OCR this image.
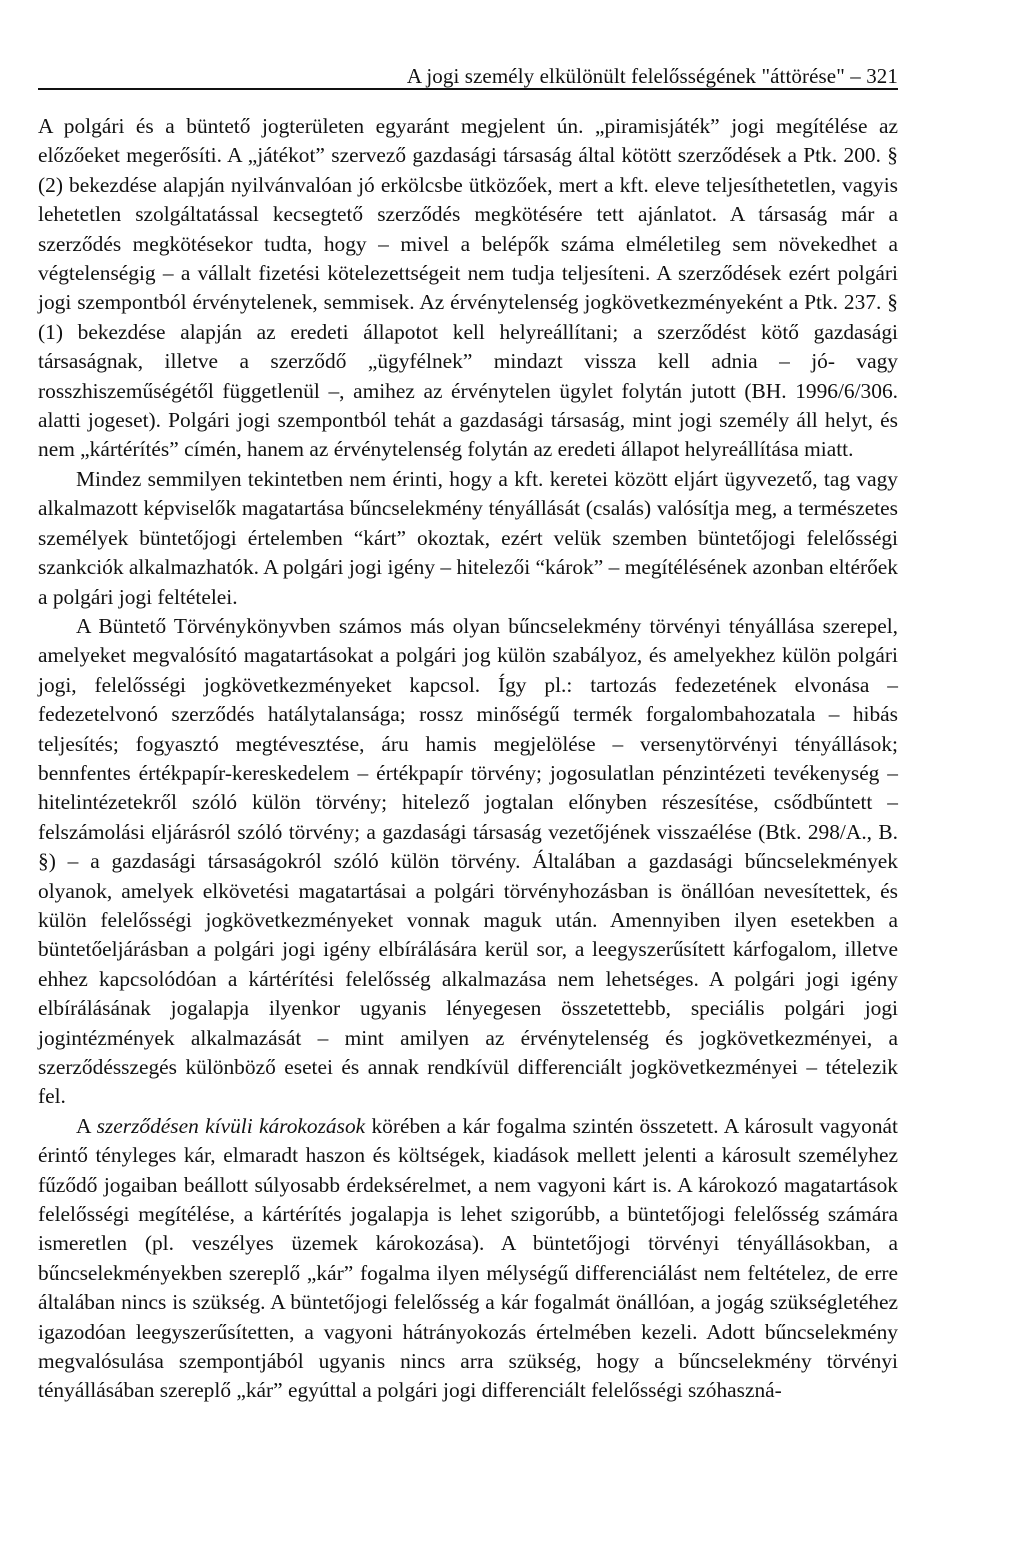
A jogi személy elkülönült felelősségének "áttörése" – 321

A polgári és a büntető jogterületen egyaránt megjelent ún. „piramisjáték” jogi megítélése az előzőeket megerősíti. A „játékot” szervező gazdasági társaság által kötött szerződések a Ptk. 200. § (2) bekezdése alapján nyilvánvalóan jó erkölcsbe ütközőek, mert a kft. eleve teljesíthetetlen, vagyis lehetetlen szolgáltatással kecsegtető szerződés megkötésére tett ajánlatot. A társaság már a szerződés megkötésekor tudta, hogy – mivel a belépők száma elméletileg sem növekedhet a végtelenségig – a vállalt fizetési kötelezettségeit nem tudja teljesíteni. A szerződések ezért polgári jogi szempontból érvénytelenek, semmisek. Az érvénytelenség jogkövetkezményeként a Ptk. 237. § (1) bekezdése alapján az eredeti állapotot kell helyreállítani; a szerződést kötő gazdasági társaságnak, illetve a szerződő „ügyfélnek” mindazt vissza kell adnia – jó- vagy rosszhiszeműségétől függetlenül –, amihez az érvénytelen ügylet folytán jutott (BH. 1996/6/306. alatti jogeset). Polgári jogi szempontból tehát a gazdasági társaság, mint jogi személy áll helyt, és nem „kártérítés” címén, hanem az érvénytelenség folytán az eredeti állapot helyreállítása miatt.

Mindez semmilyen tekintetben nem érinti, hogy a kft. keretei között eljárt ügyvezető, tag vagy alkalmazott képviselők magatartása bűncselekmény tényállását (csalás) valósítja meg, a természetes személyek büntetőjogi értelemben “kárt” okoztak, ezért velük szemben büntetőjogi felelősségi szankciók alkalmazhatók. A polgári jogi igény – hitelezői “károk” – megítélésének azonban eltérőek a polgári jogi feltételei.

A Büntető Törvénykönyvben számos más olyan bűncselekmény törvényi tényállása szerepel, amelyeket megvalósító magatartásokat a polgári jog külön szabályoz, és amelyekhez külön polgári jogi, felelősségi jogkövetkezményeket kapcsol. Így pl.: tartozás fedezetének elvonása – fedezetelvonó szerződés hatálytalansága; rossz minőségű termék forgalombahozatala – hibás teljesítés; fogyasztó megtévesztése, áru hamis megjelölése – versenytörvényi tényállások; bennfentes értékpapír-kereskedelem – értékpapír törvény; jogosulatlan pénzintézeti tevékenység – hitelintézetekről szóló külön törvény; hitelező jogtalan előnyben részesítése, csődbűntett – felszámolási eljárásról szóló törvény; a gazdasági társaság vezetőjének visszaélése (Btk. 298/A., B. §) – a gazdasági társaságokról szóló külön törvény. Általában a gazdasági bűncselekmények olyanok, amelyek elkövetési magatartásai a polgári törvényhozásban is önállóan nevesítettek, és külön felelősségi jogkövetkezményeket vonnak maguk után. Amennyiben ilyen esetekben a büntetőeljárásban a polgári jogi igény elbírálására kerül sor, a leegyszerűsített kárfogalom, illetve ehhez kapcsolódóan a kártérítési felelősség alkalmazása nem lehetséges. A polgári jogi igény elbírálásának jogalapja ilyenkor ugyanis lényegesen összetettebb, speciális polgári jogi jogintézmények alkalmazását – mint amilyen az érvénytelenség és jogkövetkezményei, a szerződésszegés különböző esetei és annak rendkívül differenciált jogkövetkezményei – tételezik fel.

A szerződésen kívüli károkozások körében a kár fogalma szintén összetett. A károsult vagyonát érintő tényleges kár, elmaradt haszon és költségek, kiadások mellett jelenti a károsult személyhez fűződő jogaiban beállott súlyosabb érdeksérelmet, a nem vagyoni kárt is. A károkozó magatartások felelősségi megítélése, a kártérítés jogalapja is lehet szigorúbb, a büntetőjogi felelősség számára ismeretlen (pl. veszélyes üzemek károkozása). A büntetőjogi törvényi tényállásokban, a bűncselekményekben szereplő „kár” fogalma ilyen mélységű differenciálást nem feltételez, de erre általában nincs is szükség. A büntetőjogi felelősség a kár fogalmát önállóan, a jogág szükségletéhez igazodóan leegyszerűsítetten, a vagyoni hátrányokozás értelmében kezeli. Adott bűncselekmény megvalósulása szempontjából ugyanis nincs arra szükség, hogy a bűncselekmény törvényi tényállásában szereplő „kár” egyúttal a polgári jogi differenciált felelősségi szóhaszná-
